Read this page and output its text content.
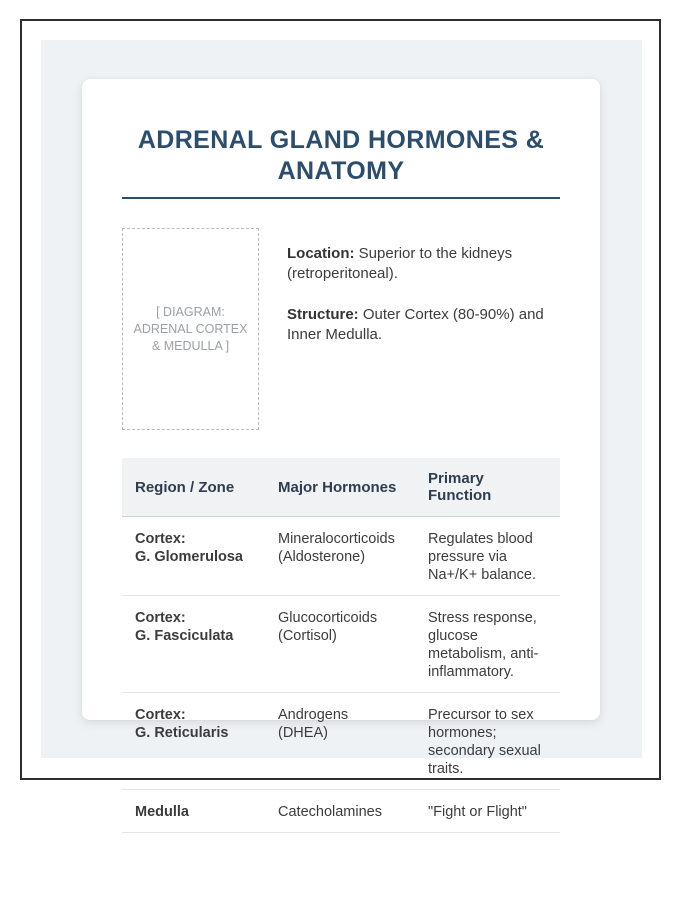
ADRENAL GLAND HORMONES & ANATOMY
[ DIAGRAM: ADRENAL CORTEX & MEDULLA ]

Location: Superior to the kidneys (retroperitoneal).

Structure: Outer Cortex (80-90%) and Inner Medulla.

Region / Zone	Major Hormones	Primary Function

Cortex:
G. Glomerulosa	Mineralocorticoids (Aldosterone)	Regulates blood pressure via Na+/K+ balance.

Cortex:
G. Fasciculata	Glucocorticoids (Cortisol)	Stress response, glucose metabolism, anti-inflammatory.

Cortex:
G. Reticularis	Androgens (DHEA)	Precursor to sex hormones; secondary sexual traits.

Medulla	Catecholamines	"Fight or Flight"
